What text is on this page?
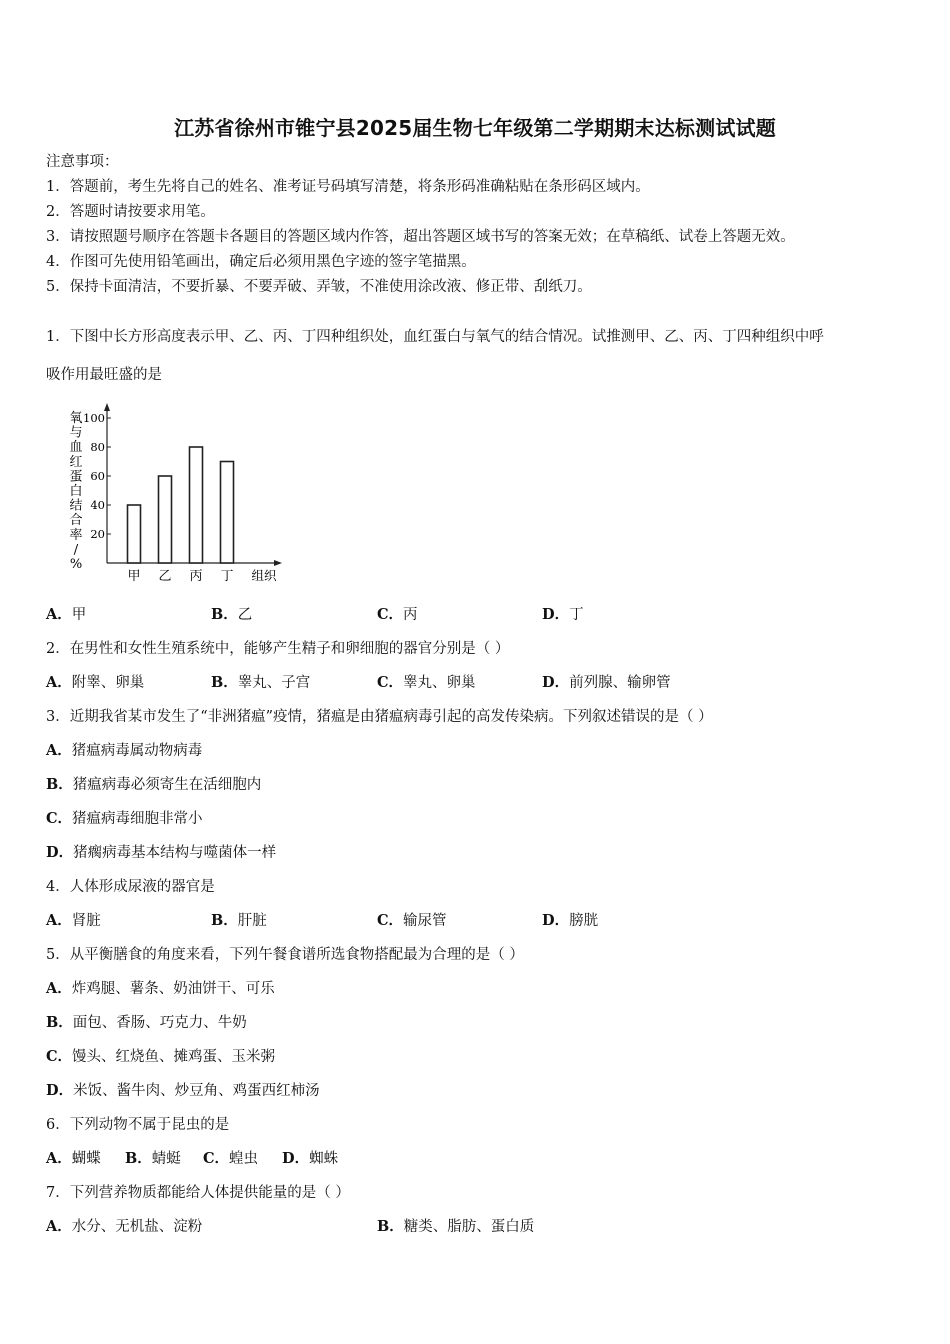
江苏省徐州市锥宁县2025届生物七年级第二学期期末达标测试试题
注意事项：
1．答题前，考生先将自己的姓名、准考证号码填写清楚，将条形码准确粘贴在条形码区域内。
2．答题时请按要求用笔。
3．请按照题号顺序在答题卡各题目的答题区域内作答，超出答题区域书写的答案无效；在草稿纸、试卷上答题无效。
4．作图可先使用铅笔画出，确定后必须用黑色字迹的签字笔描黑。
5．保持卡面清洁，不要折暴、不要弄破、弄皱，不准使用涂改液、修正带、刮纸刀。
1．下图中长方形高度表示甲、乙、丙、丁四种组织处，血红蛋白与氧气的结合情况。试推测甲、乙、丙、丁四种组织中呼
吸作用最旺盛的是
氧与血红蛋白结合率/ %
20
40
60
80
100
甲 乙 丙 丁 组织
A．甲	B．乙	C．丙	D．丁
2．在男性和女性生殖系统中，能够产生精子和卵细胞的器官分别是（ ）
A．附睾、卵巢	B．睾丸、子宫	C．睾丸、卵巢	D．前列腺、输卵管
3．近期我省某市发生了“非洲猪瘟”疫情，猪瘟是由猪瘟病毒引起的高发传染病。下列叙述错误的是（ ）
A．猪瘟病毒属动物病毒
B．猪瘟病毒必须寄生在活细胞内
C．猪瘟病毒细胞非常小
D．猪瘸病毒基本结构与噬菌体一样
4．人体形成尿液的器官是
A．肾脏	B．肝脏	C．输尿管	D．膀胱
5．从平衡膳食的角度来看，下列午餐食谱所选食物搭配最为合理的是（ ）
A．炸鸡腿、薯条、奶油饼干、可乐
B．面包、香肠、巧克力、牛奶
C．馒头、红烧鱼、摊鸡蛋、玉米粥
D．米饭、酱牛肉、炒豆角、鸡蛋西红柿汤
6．下列动物不属于昆虫的是
A．蝴蝶 B．蜻蜓 C．蝗虫 D．蜘蛛
7．下列营养物质都能给人体提供能量的是（ ）
A．水分、无机盐、淀粉	B．糖类、脂肪、蛋白质
